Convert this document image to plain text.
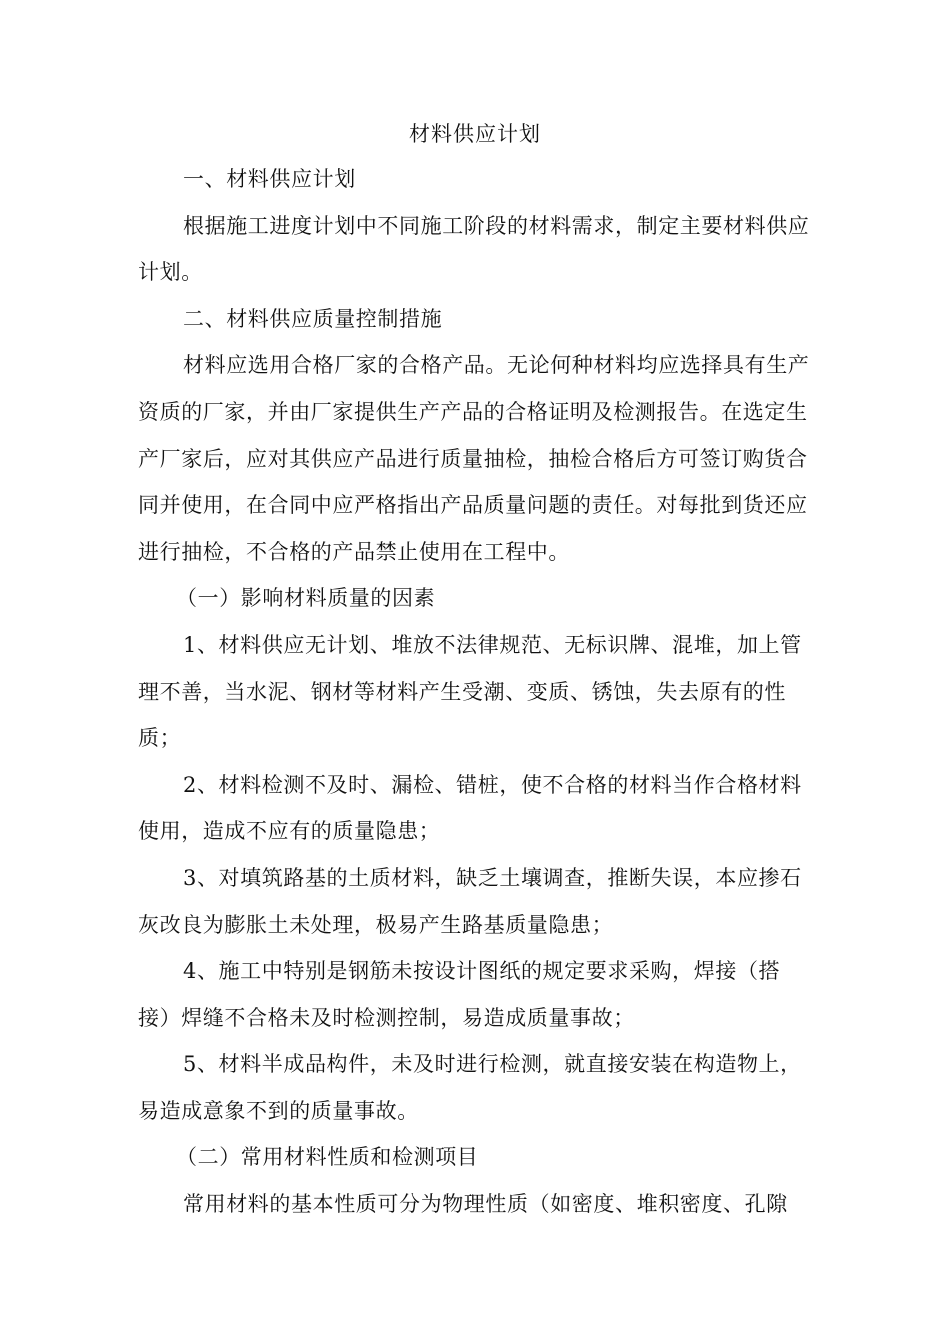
材料供应计划

一、材料供应计划

根据施工进度计划中不同施工阶段的材料需求，制定主要材料供应
计划。

二、材料供应质量控制措施

材料应选用合格厂家的合格产品。无论何种材料均应选择具有生产
资质的厂家，并由厂家提供生产产品的合格证明及检测报告。在选定生
产厂家后，应对其供应产品进行质量抽检，抽检合格后方可签订购货合
同并使用，在合同中应严格指出产品质量问题的责任。对每批到货还应
进行抽检，不合格的产品禁止使用在工程中。

（一）影响材料质量的因素

1、材料供应无计划、堆放不法律规范、无标识牌、混堆，加上管
理不善，当水泥、钢材等材料产生受潮、变质、锈蚀，失去原有的性
质；

2、材料检测不及时、漏检、错桩，使不合格的材料当作合格材料
使用，造成不应有的质量隐患；

3、对填筑路基的土质材料，缺乏土壤调查，推断失误，本应掺石
灰改良为膨胀土未处理，极易产生路基质量隐患；

4、施工中特别是钢筋未按设计图纸的规定要求采购，焊接（搭
接）焊缝不合格未及时检测控制，易造成质量事故；

5、材料半成品构件，未及时进行检测，就直接安装在构造物上，
易造成意象不到的质量事故。

（二）常用材料性质和检测项目

常用材料的基本性质可分为物理性质（如密度、堆积密度、孔隙
